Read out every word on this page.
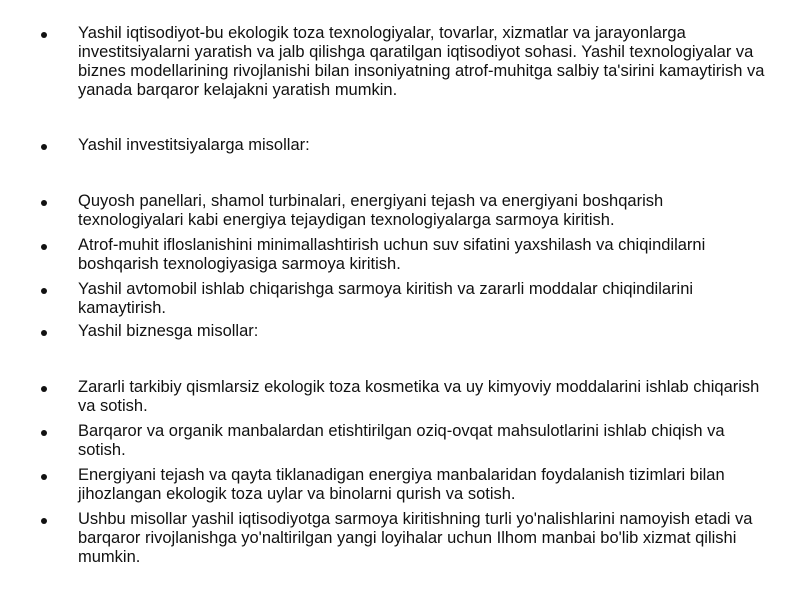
Yashil iqtisodiyot-bu ekologik toza texnologiyalar, tovarlar, xizmatlar va jarayonlarga investitsiyalarni yaratish va jalb qilishga qaratilgan iqtisodiyot sohasi. Yashil texnologiyalar va biznes modellarining rivojlanishi bilan insoniyatning atrof-muhitga salbiy ta'sirini kamaytirish va yanada barqaror kelajakni yaratish mumkin.
Yashil investitsiyalarga misollar:
Quyosh panellari, shamol turbinalari, energiyani tejash va energiyani boshqarish texnologiyalari kabi energiya tejaydigan texnologiyalarga sarmoya kiritish.
Atrof-muhit ifloslanishini minimallashtirish uchun suv sifatini yaxshilash va chiqindilarni boshqarish texnologiyasiga sarmoya kiritish.
Yashil avtomobil ishlab chiqarishga sarmoya kiritish va zararli moddalar chiqindilarini kamaytirish.
Yashil biznesga misollar:
Zararli tarkibiy qismlarsiz ekologik toza kosmetika va uy kimyoviy moddalarini ishlab chiqarish va sotish.
Barqaror va organik manbalardan etishtirilgan oziq-ovqat mahsulotlarini ishlab chiqish va sotish.
Energiyani tejash va qayta tiklanadigan energiya manbalaridan foydalanish tizimlari bilan jihozlangan ekologik toza uylar va binolarni qurish va sotish.
Ushbu misollar yashil iqtisodiyotga sarmoya kiritishning turli yo'nalishlarini namoyish etadi va barqaror rivojlanishga yo'naltirilgan yangi loyihalar uchun Ilhom manbai bo'lib xizmat qilishi mumkin.
